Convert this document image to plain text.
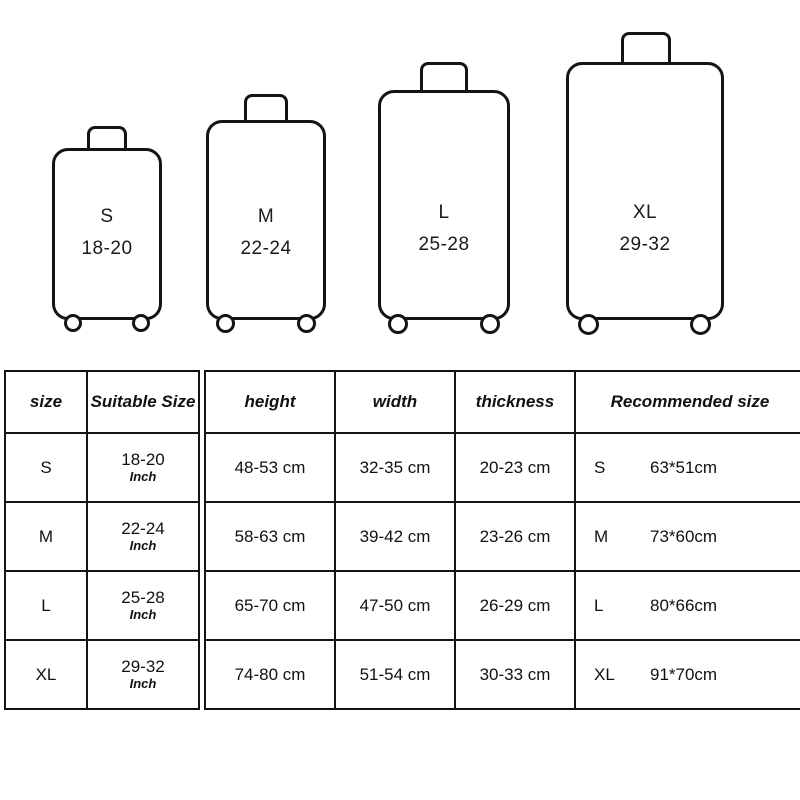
S
18-20
M
22-24
L
25-28
XL
29-32
size	Suitable Size
S	18-20
Inch

M	22-24
Inch

L	25-28
Inch

XL	29-32
Inch
height	width	thickness	Recommended size
48-53 cm	32-35 cm	20-23 cm	S 63*51cm

58-63 cm	39-42 cm	23-26 cm	M 73*60cm

65-70 cm	47-50 cm	26-29 cm	L 80*66cm

74-80 cm	51-54 cm	30-33 cm	XL 91*70cm
